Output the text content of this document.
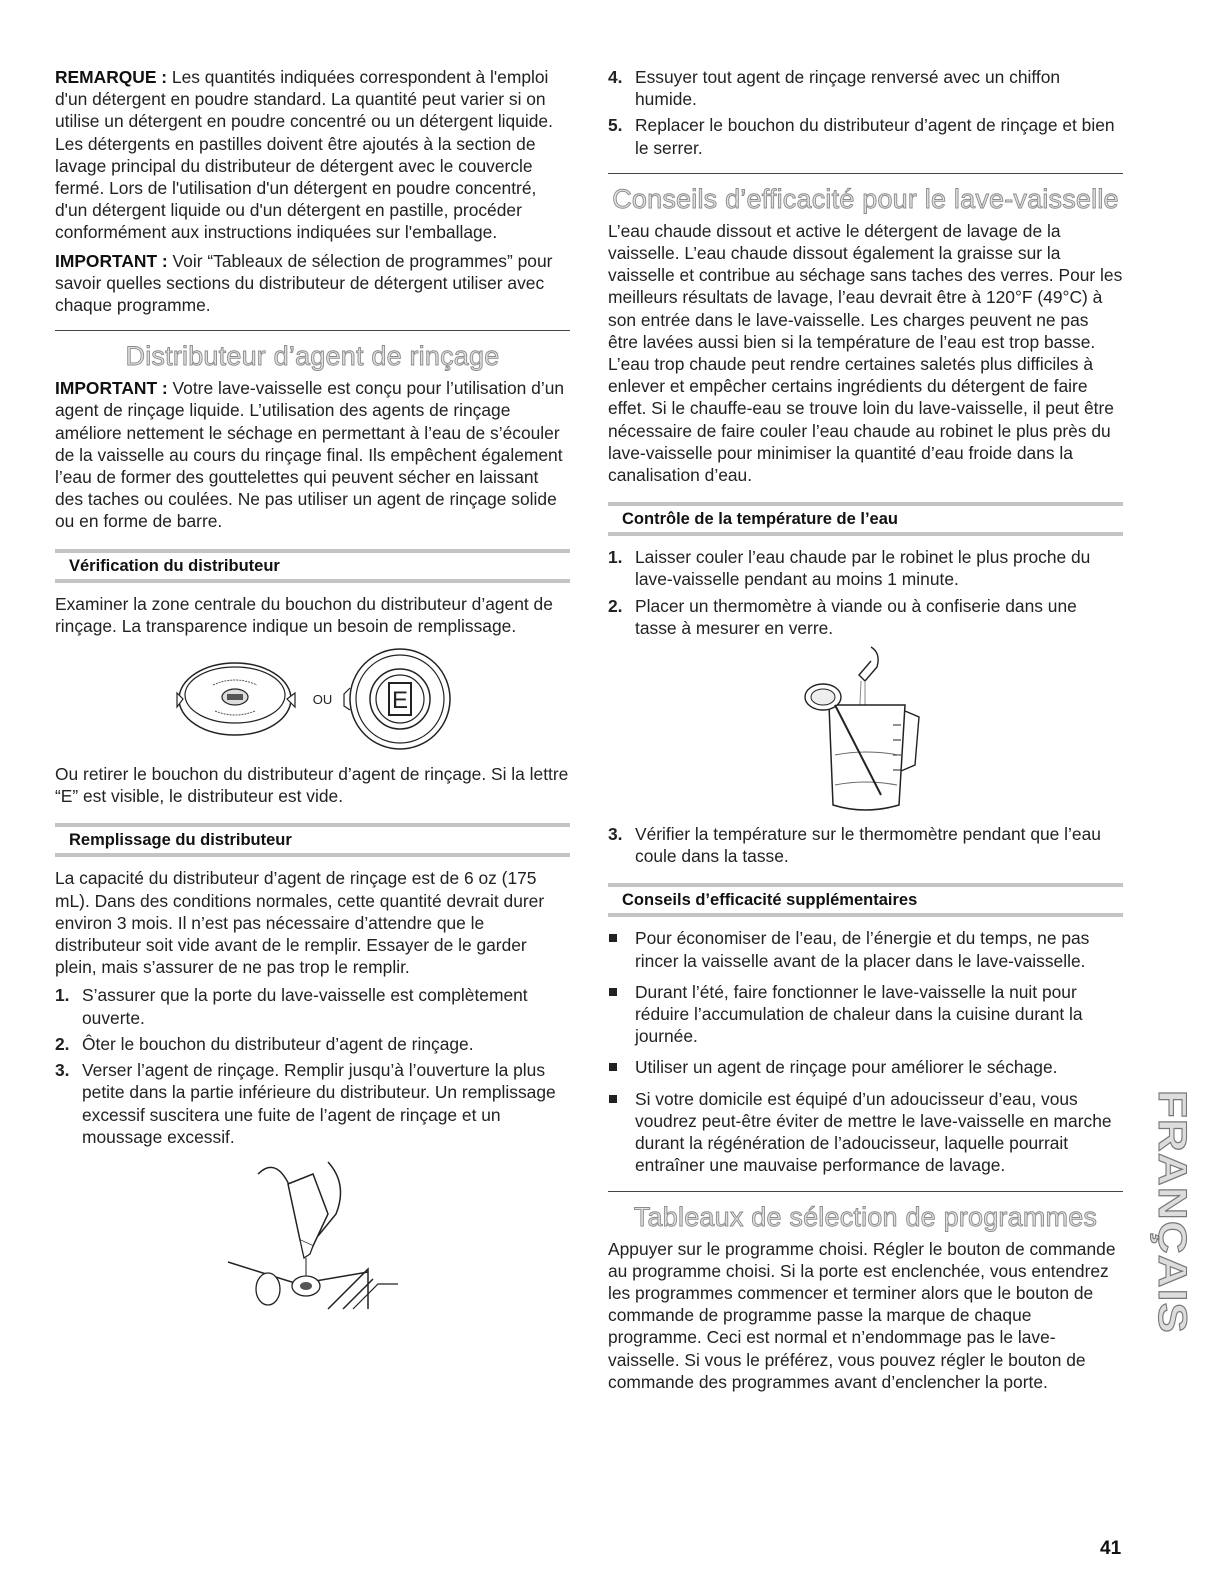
REMARQUE : Les quantités indiquées correspondent à l'emploi d'un détergent en poudre standard. La quantité peut varier si on utilise un détergent en poudre concentré ou un détergent liquide. Les détergents en pastilles doivent être ajoutés à la section de lavage principal du distributeur de détergent avec le couvercle fermé. Lors de l'utilisation d'un détergent en poudre concentré, d'un détergent liquide ou d'un détergent en pastille, procéder conformément aux instructions indiquées sur l'emballage.

IMPORTANT : Voir “Tableaux de sélection de programmes” pour savoir quelles sections du distributeur de détergent utiliser avec chaque programme.

Distributeur d’agent de rinçage

IMPORTANT : Votre lave-vaisselle est conçu pour l’utilisation d’un agent de rinçage liquide. L’utilisation des agents de rinçage améliore nettement le séchage en permettant à l’eau de s’écouler de la vaisselle au cours du rinçage final. Ils empêchent également l’eau de former des gouttelettes qui peuvent sécher en laissant des taches ou coulées. Ne pas utiliser un agent de rinçage solide ou en forme de barre.

Vérification du distributeur

Examiner la zone centrale du bouchon du distributeur d’agent de rinçage. La transparence indique un besoin de remplissage.

OU E

Ou retirer le bouchon du distributeur d’agent de rinçage. Si la lettre “E” est visible, le distributeur est vide.

Remplissage du distributeur

La capacité du distributeur d’agent de rinçage est de 6 oz (175 mL). Dans des conditions normales, cette quantité devrait durer environ 3 mois. Il n’est pas nécessaire d’attendre que le distributeur soit vide avant de le remplir. Essayer de le garder plein, mais s’assurer de ne pas trop le remplir.

1. S’assurer que la porte du lave-vaisselle est complètement ouverte.
2. Ôter le bouchon du distributeur d’agent de rinçage.
3. Verser l’agent de rinçage. Remplir jusqu’à l’ouverture la plus petite dans la partie inférieure du distributeur. Un remplissage excessif suscitera une fuite de l’agent de rinçage et un moussage excessif.
4. Essuyer tout agent de rinçage renversé avec un chiffon humide.
5. Replacer le bouchon du distributeur d’agent de rinçage et bien le serrer.
Conseils d’efficacité pour le lave-vaisselle

L’eau chaude dissout et active le détergent de lavage de la vaisselle. L’eau chaude dissout également la graisse sur la vaisselle et contribue au séchage sans taches des verres. Pour les meilleurs résultats de lavage, l’eau devrait être à 120°F (49°C) à son entrée dans le lave-vaisselle. Les charges peuvent ne pas être lavées aussi bien si la température de l’eau est trop basse. L’eau trop chaude peut rendre certaines saletés plus difficiles à enlever et empêcher certains ingrédients du détergent de faire effet. Si le chauffe-eau se trouve loin du lave-vaisselle, il peut être nécessaire de faire couler l’eau chaude au robinet le plus près du lave-vaisselle pour minimiser la quantité d’eau froide dans la canalisation d’eau.

Contrôle de la température de l’eau
1. Laisser couler l’eau chaude par le robinet le plus proche du lave-vaisselle pendant au moins 1 minute.
2. Placer un thermomètre à viande ou à confiserie dans une tasse à mesurer en verre.
3. Vérifier la température sur le thermomètre pendant que l’eau coule dans la tasse.
Conseils d’efficacité supplémentaires
Pour économiser de l’eau, de l’énergie et du temps, ne pas rincer la vaisselle avant de la placer dans le lave-vaisselle.
Durant l’été, faire fonctionner le lave-vaisselle la nuit pour réduire l’accumulation de chaleur dans la cuisine durant la journée.
Utiliser un agent de rinçage pour améliorer le séchage.
Si votre domicile est équipé d’un adoucisseur d’eau, vous voudrez peut-être éviter de mettre le lave-vaisselle en marche durant la régénération de l’adoucisseur, laquelle pourrait entraîner une mauvaise performance de lavage.
Tableaux de sélection de programmes

Appuyer sur le programme choisi. Régler le bouton de commande au programme choisi. Si la porte est enclenchée, vous entendrez les programmes commencer et terminer alors que le bouton de commande de programme passe la marque de chaque programme. Ceci est normal et n’endommage pas le lave-vaisselle. Si vous le préférez, vous pouvez régler le bouton de commande des programmes avant d’enclencher la porte.

FRANÇAIS
41
